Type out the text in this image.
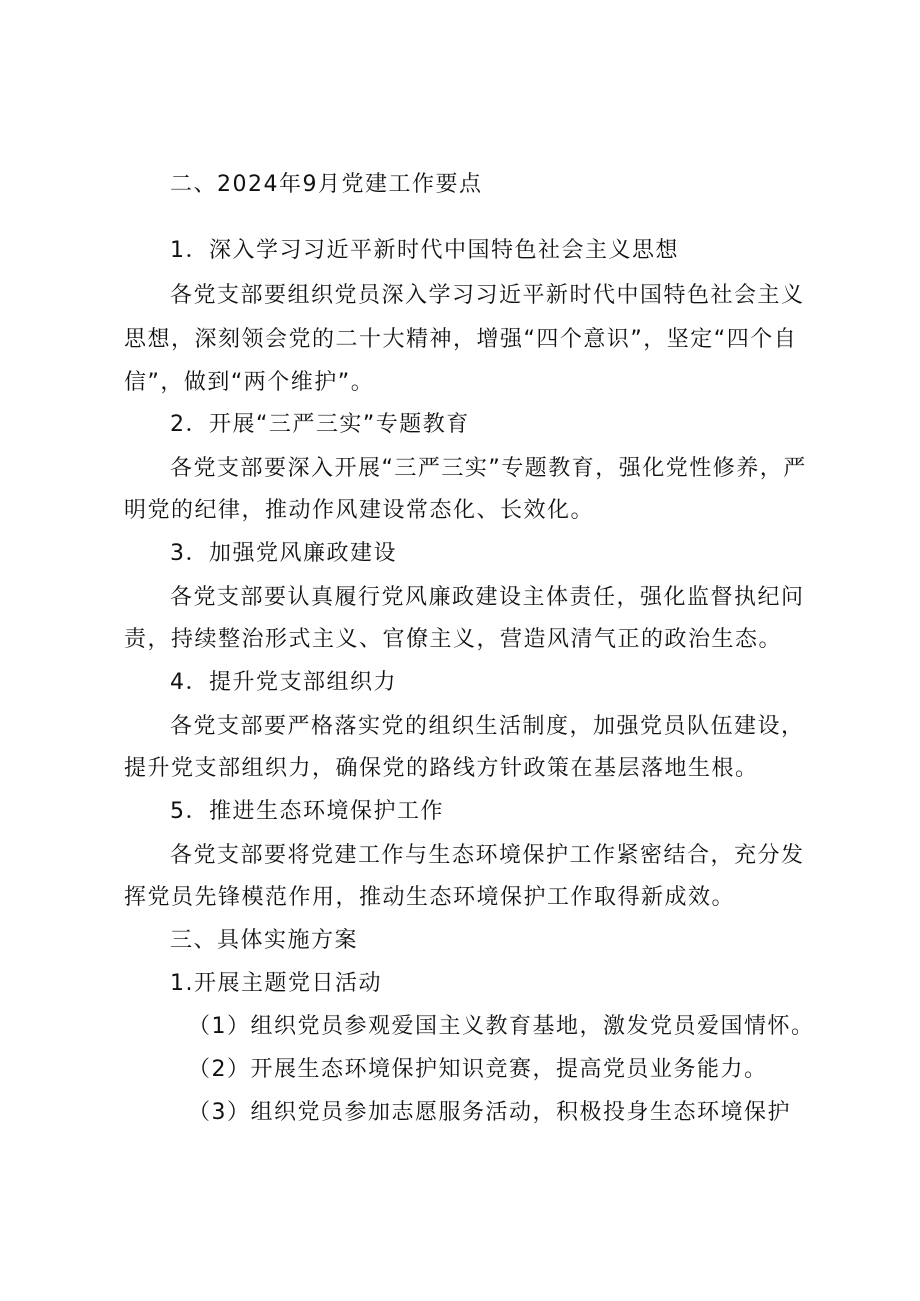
二、2024年9月党建工作要点
1．深入学习习近平新时代中国特色社会主义思想
各党支部要组织党员深入学习习近平新时代中国特色社会主义
思想，深刻领会党的二十大精神，增强“四个意识”，坚定“四个自
信”，做到“两个维护”。
2．开展“三严三实”专题教育
各党支部要深入开展“三严三实”专题教育，强化党性修养，严
明党的纪律，推动作风建设常态化、长效化。
3．加强党风廉政建设
各党支部要认真履行党风廉政建设主体责任，强化监督执纪问
责，持续整治形式主义、官僚主义，营造风清气正的政治生态。
4．提升党支部组织力
各党支部要严格落实党的组织生活制度，加强党员队伍建设，
提升党支部组织力，确保党的路线方针政策在基层落地生根。
5．推进生态环境保护工作
各党支部要将党建工作与生态环境保护工作紧密结合，充分发
挥党员先锋模范作用，推动生态环境保护工作取得新成效。
三、具体实施方案
1.开展主题党日活动
（1）组织党员参观爱国主义教育基地，激发党员爱国情怀。
（2）开展生态环境保护知识竞赛，提高党员业务能力。
（3）组织党员参加志愿服务活动，积极投身生态环境保护
